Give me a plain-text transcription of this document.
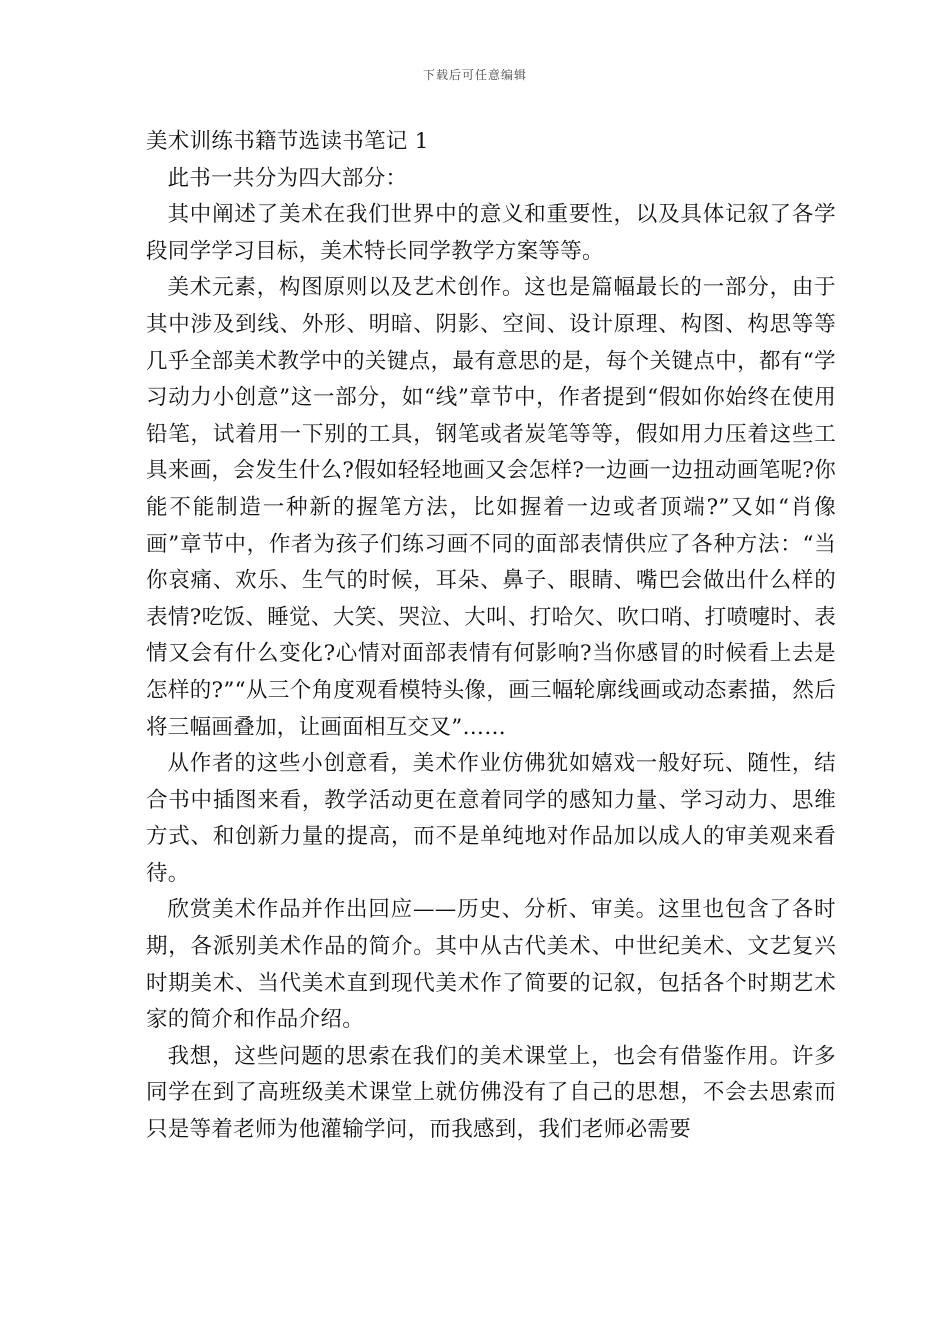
下载后可任意编辑

美术训练书籍节选读书笔记 1

此书一共分为四大部分：

其中阐述了美术在我们世界中的意义和重要性，以及具体记叙了各学段同学学习目标，美术特长同学教学方案等等。

美术元素，构图原则以及艺术创作。这也是篇幅最长的一部分，由于其中涉及到线、外形、明暗、阴影、空间、设计原理、构图、构思等等几乎全部美术教学中的关键点，最有意思的是，每个关键点中，都有“学习动力小创意”这一部分，如“线”章节中，作者提到“假如你始终在使用铅笔，试着用一下别的工具，钢笔或者炭笔等等，假如用力压着这些工具来画，会发生什么?假如轻轻地画又会怎样?一边画一边扭动画笔呢?你能不能制造一种新的握笔方法，比如握着一边或者顶端?”又如“肖像画”章节中，作者为孩子们练习画不同的面部表情供应了各种方法：“当你哀痛、欢乐、生气的时候，耳朵、鼻子、眼睛、嘴巴会做出什么样的表情?吃饭、睡觉、大笑、哭泣、大叫、打哈欠、吹口哨、打喷嚏时、表情又会有什么变化?心情对面部表情有何影响?当你感冒的时候看上去是怎样的?”“从三个角度观看模特头像，画三幅轮廓线画或动态素描，然后将三幅画叠加，让画面相互交叉”……

从作者的这些小创意看，美术作业仿佛犹如嬉戏一般好玩、随性，结合书中插图来看，教学活动更在意着同学的感知力量、学习动力、思维方式、和创新力量的提高，而不是单纯地对作品加以成人的审美观来看待。

欣赏美术作品并作出回应——历史、分析、审美。这里也包含了各时期，各派别美术作品的简介。其中从古代美术、中世纪美术、文艺复兴时期美术、当代美术直到现代美术作了简要的记叙，包括各个时期艺术家的简介和作品介绍。

我想，这些问题的思索在我们的美术课堂上，也会有借鉴作用。许多同学在到了高班级美术课堂上就仿佛没有了自己的思想，不会去思索而只是等着老师为他灌输学问，而我感到，我们老师必需要
